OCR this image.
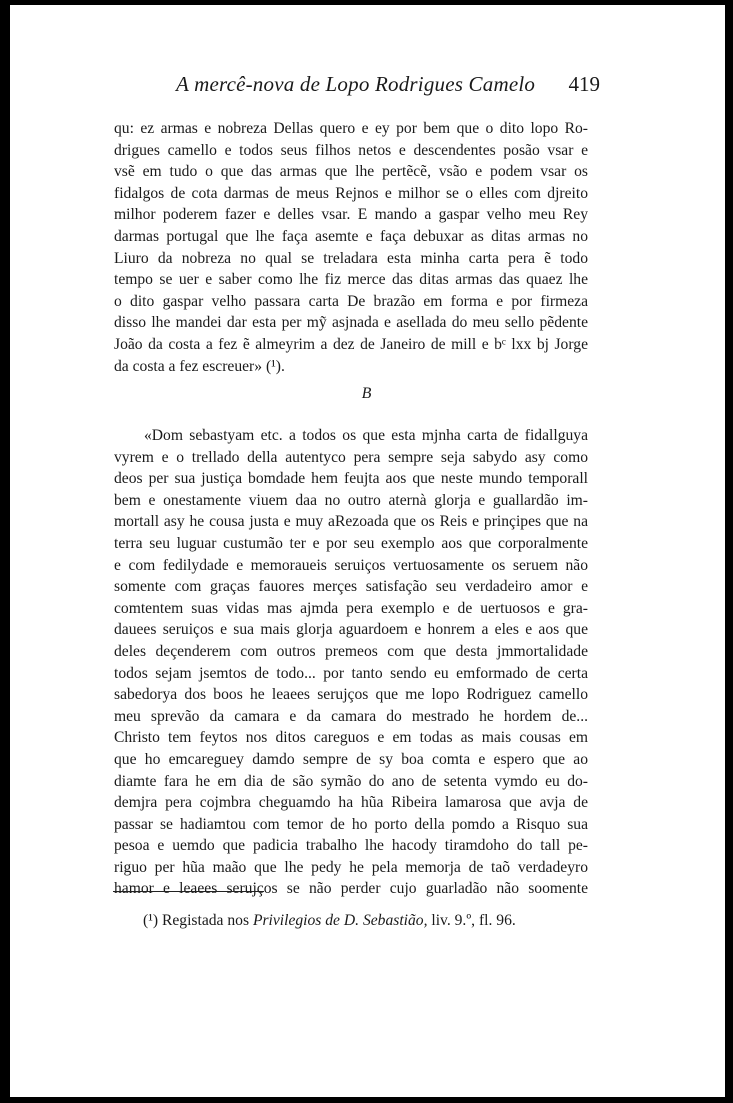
A mercê-nova de Lopo Rodrigues Camelo 419
qu: ez armas e nobreza Dellas quero e ey por bem que o dito lopo Ro-
drigues camello e todos seus filhos netos e descendentes posão vsar e
vsẽ em tudo o que das armas que lhe pertẽcẽ, vsão e podem vsar os
fidalgos de cota darmas de meus Rejnos e milhor se o elles com djreito
milhor poderem fazer e delles vsar. E mando a gaspar velho meu Rey
darmas portugal que lhe faça asemte e faça debuxar as ditas armas no
Liuro da nobreza no qual se treladara esta minha carta pera ẽ todo
tempo se uer e saber como lhe fiz merce das ditas armas das quaez lhe
o dito gaspar velho passara carta De brazão em forma e por firmeza
disso lhe mandei dar esta per mỹ asjnada e asellada do meu sello pẽdente
João da costa a fez ẽ almeyrim a dez de Janeiro de mill e bᶜ lxx bj Jorge
da costa a fez escreuer» (¹).
B
«Dom sebastyam etc. a todos os que esta mjnha carta de fidallguya
vyrem e o trellado della autentyco pera sempre seja sabydo asy como
deos per sua justiça bomdade hem feujta aos que neste mundo temporall
bem e onestamente viuem daa no outro aternà glorja e guallardão im-
mortall asy he cousa justa e muy aRezoada que os Reis e prinçipes que na
terra seu luguar custumão ter e por seu exemplo aos que corporalmente
e com fedilydade e memoraueis seruiços vertuosamente os seruem não
somente com graças fauores merçes satisfação seu verdadeiro amor e
comtentem suas vidas mas ajmda pera exemplo e de uertuosos e gra-
dauees seruiços e sua mais glorja aguardoem e honrem a eles e aos que
deles deçenderem com outros premeos com que desta jmmortalidade
todos sejam jsemtos de todo... por tanto sendo eu emformado de certa
sabedorya dos boos he leaees serujços que me lopo Rodriguez camello
meu sprevão da camara e da camara do mestrado he hordem de...
Christo tem feytos nos ditos careguos e em todas as mais cousas em
que ho emcareguey damdo sempre de sy boa comta e espero que ao
diamte fara he em dia de são symão do ano de setenta vymdo eu do-
demjra pera cojmbra cheguamdo ha hũa Ribeira lamarosa que avja de
passar se hadiamtou com temor de ho porto della pomdo a Risquo sua
pesoa e uemdo que padicia trabalho lhe hacody tiramdoho do tall pe-
riguo per hũa maão que lhe pedy he pela memorja de taõ verdadeyro
hamor e leaees serujços se não perder cujo guarladão não soomente
(¹) Registada nos Privilegios de D. Sebastião, liv. 9.º, fl. 96.
